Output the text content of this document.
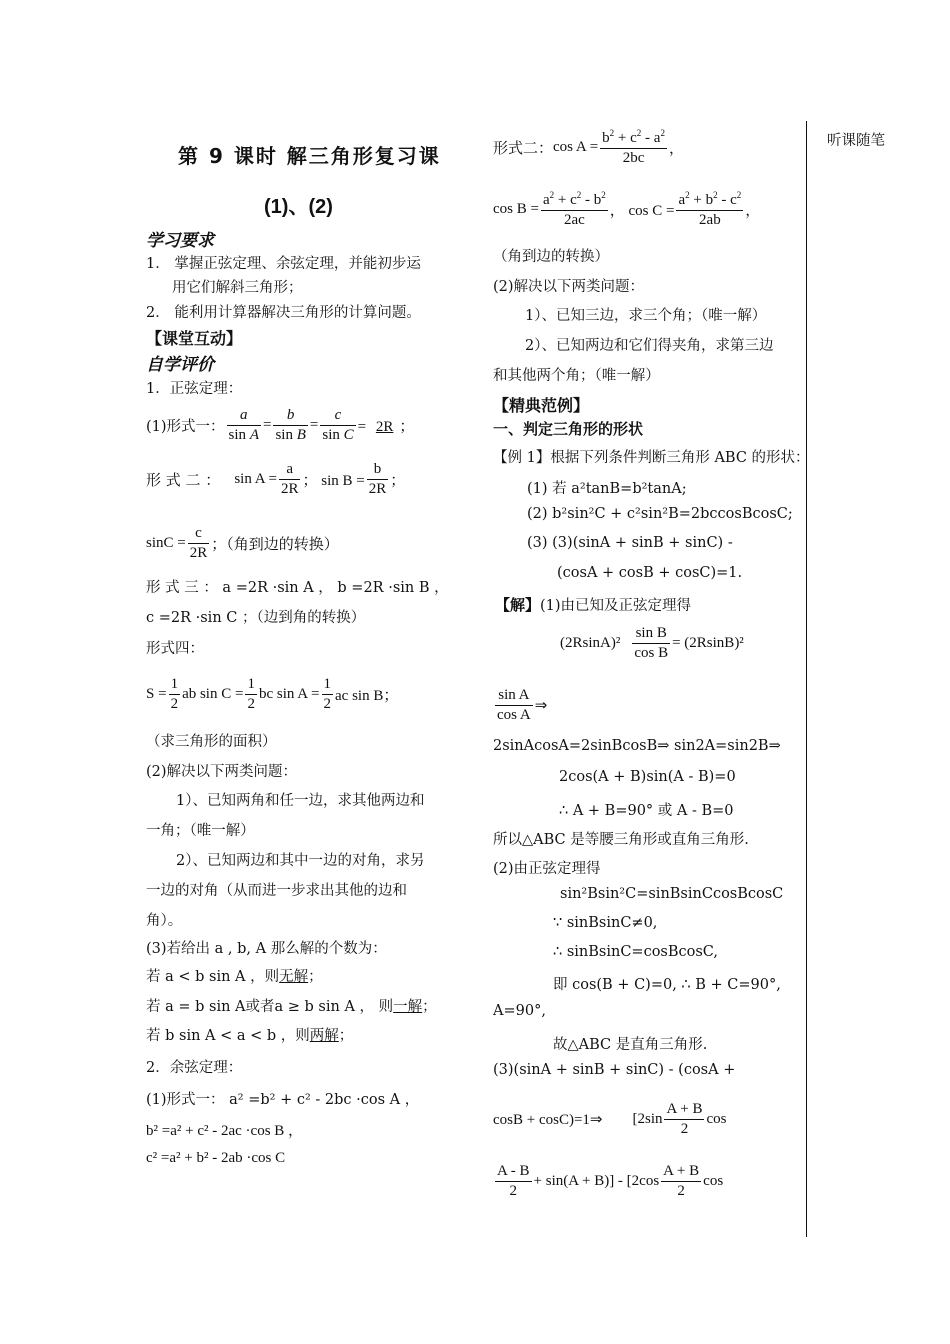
第 9 课时 解三角形复习课
(1)、(2)
听课随笔
学习要求
1． 掌握正弦定理、余弦定理，并能初步运
用它们解斜三角形；
2． 能利用计算器解决三角形的计算问题。
【课堂互动】
自学评价
1．正弦定理：
(1)形式一： $\frac{a}{\text{sin A}} = \frac{b}{\text{sin B}} = \frac{c}{\text{sin C}} = 2R$ ；
形 式 二 ： $\sin A = \frac{a}{2R}$ ； $\sin B = \frac{b}{2R}$ ；
$\sin C = \frac{c}{2R}$ ；（角到边的转换）
形 式 三 ： a =2R ·sin A ， b =2R ·sin B ，
c =2R ·sin C ；（边到角的转换）
形式四：
$S = \frac{1}{2}$ ab $\sin C = \frac{1}{2}$ bc $\sin A = \frac{1}{2}$ ac sin B；
（求三角形的面积）
(2)解决以下两类问题：
1）、已知两角和任一边，求其他两边和
一角；（唯一解）
2）、已知两边和其中一边的对角，求另
一边的对角（从而进一步求出其他的边和
角）。
(3)若给出 a , b, A 那么解的个数为：
若 a < b sin A ，则无解；
若 a = b sin A或者a ≥ b sin A ， 则一解；
若 b sin A < a < b ，则两解；
2．余弦定理：
(1)形式一： a² =b² + c² - 2bc ·cos A ，
b² =a² + c² - 2ac ·cos B ，
c² =a² + b² - 2ab ·cos C
形式二： $\cos A = \frac{b^2 + c^2 - a^2}{2bc}$ ，
$\cos B = \frac{a^2 + c^2 - b^2}{2ac}$ ， $\cos C = \frac{a^2 + b^2 - c^2}{2ab}$ ，
（角到边的转换）
(2)解决以下两类问题：
1）、已知三边，求三个角；（唯一解）
2）、已知两边和它们得夹角，求第三边
和其他两个角；（唯一解）
【精典范例】
一、判定三角形的形状
【例 1】根据下列条件判断三角形 ABC 的形状：
(1) 若 a²tanB=b²tanA;
(2) b²sin²C + c²sin²B=2bccosBcosC;
(3) (3)(sinA + sinB + sinC) -
(cosA + cosB + cosC)=1.
【解】(1)由已知及正弦定理得
$(2RsinA)^2 \frac{\text{sin B}}{\text{cos B}} = (2RsinB)^2$
$\frac{\text{sin A}}{\text{cos A}}$ ⇒
2sinAcosA=2sinBcosB⇒ sin2A=sin2B⇒
2cos(A + B)sin(A - B)=0
∴ A + B=90° 或 A - B=0
所以△ABC 是等腰三角形或直角三角形.
(2)由正弦定理得
sin²Bsin²C=sinBsinCcosBcosC
∵ sinBsinC≠0,
∴ sinBsinC=cosBcosC,
即 cos(B + C)=0, ∴ B + C=90°,
A=90°,
故△ABC 是直角三角形.
(3)(sinA + sinB + sinC) - (cosA +
cosB + cosC)=1⇒ [$2\sin \frac{A + B}{2}$ cos
$\frac{A - B}{2} + \sin(A + B)] - [2\cos \frac{A + B}{2}$ cos
